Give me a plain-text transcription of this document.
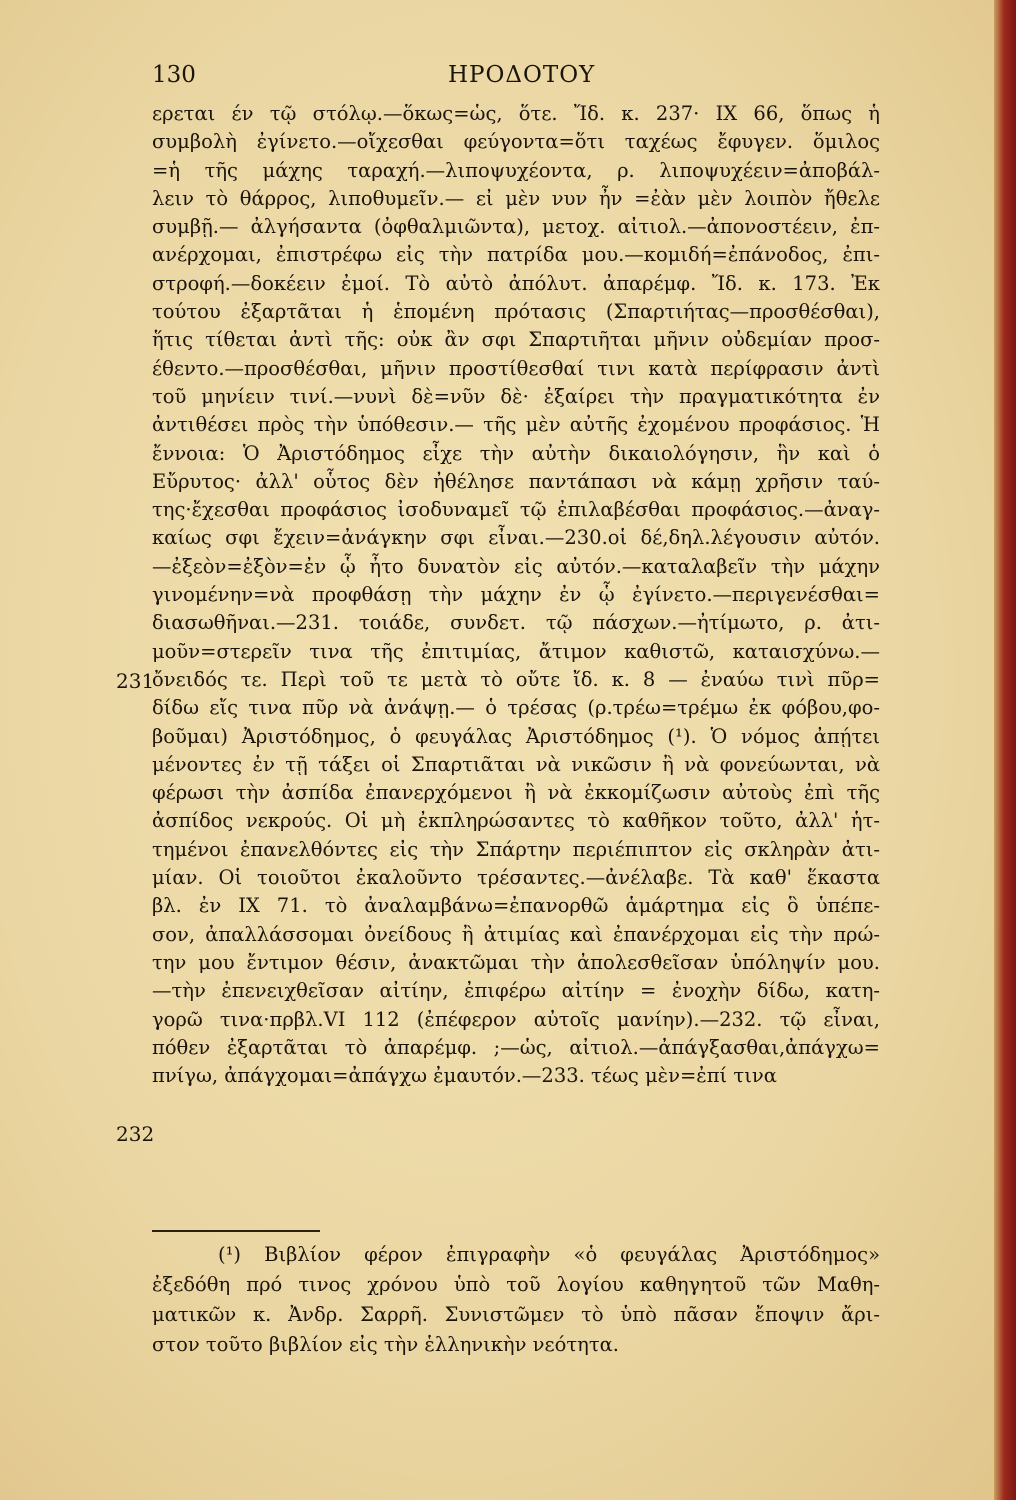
130	ΗΡΟΔΟΤΟΥ
ερεται έν τῷ στόλῳ.—ὅκως=ὡς, ὅτε. Ἴδ. κ. 237· IX 66, ὅπως ἡ
συμβολὴ ἐγίνετο.—οἴχεσθαι φεύγοντα=ὅτι ταχέως ἔφυγεν. ὅμιλος
=ἡ τῆς μάχης ταραχή.—λιποψυχέοντα, ρ. λιποψυχέειν=ἀποβάλ-
λειν τὸ θάρρος, λιποθυμεῖν.— εἰ μὲν νυν ἦν =ἐὰν μὲν λοιπὸν ἤθελε
συμβῇ.— ἀλγήσαντα (ὀφθαλμιῶντα), μετοχ. αἰτιολ.—ἀπονοστέειν, ἐπ-
ανέρχομαι, ἐπιστρέφω εἰς τὴν πατρίδα μου.—κομιδή=ἐπάνοδος, ἐπι-
στροφή.—δοκέειν ἐμοί. Τὸ αὐτὸ ἀπόλυτ. ἀπαρέμφ. Ἴδ. κ. 173. Ἐκ
τούτου ἐξαρτᾶται ἡ ἑπομένη πρότασις (Σπαρτιήτας—προσθέσθαι),
ἥτις τίθεται ἀντὶ τῆς: οὐκ ἂν σφι Σπαρτιῆται μῆνιν οὐδεμίαν προσ-
έθεντο.—προσθέσθαι, μῆνιν προστίθεσθαί τινι κατὰ περίφρασιν ἀντὶ
τοῦ μηνίειν τινί.—νυνὶ δὲ=νῦν δὲ· ἐξαίρει τὴν πραγματικότητα ἐν
ἀντιθέσει πρὸς τὴν ὑπόθεσιν.— τῆς μὲν αὐτῆς ἐχομένου προφάσιος. Ἡ
ἔννοια: Ὁ Ἀριστόδημος εἶχε τὴν αὐτὴν δικαιολόγησιν, ἣν καὶ ὁ
Εὔρυτος· ἀλλ' οὗτος δὲν ἠθέλησε παντάπασι νὰ κάμῃ χρῆσιν ταύ-
της·ἔχεσθαι προφάσιος ἰσοδυναμεῖ τῷ ἐπιλαβέσθαι προφάσιος.—ἀναγ-
καίως σφι ἔχειν=ἀνάγκην σφι εἶναι.—230.οἱ δέ,δηλ.λέγουσιν αὐτόν.
—ἐξεὸν=ἐξὸν=ἐν ᾧ ἦτο δυνατὸν εἰς αὐτόν.—καταλαβεῖν τὴν μάχην
γινομένην=νὰ προφθάσῃ τὴν μάχην ἐν ᾧ ἐγίνετο.—περιγενέσθαι=
διασωθῆναι.—231. τοιάδε, συνδετ. τῷ πάσχων.—ἠτίμωτο, ρ. ἀτι-
μοῦν=στερεῖν τινα τῆς ἐπιτιμίας, ἄτιμον καθιστῶ, καταισχύνω.—
ὄνειδός τε. Περὶ τοῦ τε μετὰ τὸ οὔτε ἴδ. κ. 8 — ἐναύω τινὶ πῦρ=
δίδω εἴς τινα πῦρ νὰ ἀνάψῃ.— ὁ τρέσας (ρ.τρέω=τρέμω ἐκ φόβου,φο-
βοῦμαι) Ἀριστόδημος, ὁ φευγάλας Ἀριστόδημος (¹). Ὁ νόμος ἀπῄτει
μένοντες ἐν τῇ τάξει οἱ Σπαρτιᾶται νὰ νικῶσιν ἢ νὰ φονεύωνται, νὰ
φέρωσι τὴν ἀσπίδα ἐπανερχόμενοι ἢ νὰ ἐκκομίζωσιν αὐτοὺς ἐπὶ τῆς
ἀσπίδος νεκρούς. Οἱ μὴ ἐκπληρώσαντες τὸ καθῆκον τοῦτο, ἀλλ' ἡτ-
τημένοι ἐπανελθόντες εἰς τὴν Σπάρτην περιέπιπτον εἰς σκληρὰν ἀτι-
μίαν. Οἱ τοιοῦτοι ἐκαλοῦντο τρέσαντες.—ἀνέλαβε. Τὰ καθ' ἕκαστα
βλ. ἐν IX 71. τὸ ἀναλαμβάνω=ἐπανορθῶ ἁμάρτημα εἰς ὃ ὑπέπε-
σον, ἀπαλλάσσομαι ὀνείδους ἢ ἀτιμίας καὶ ἐπανέρχομαι εἰς τὴν πρώ-
την μου ἔντιμον θέσιν, ἀνακτῶμαι τὴν ἀπολεσθεῖσαν ὑπόληψίν μου.
—τὴν ἐπενειχθεῖσαν αἰτίην, ἐπιφέρω αἰτίην = ἐνοχὴν δίδω, κατη-
γορῶ τινα·πρβλ.VI 112 (ἐπέφερον αὐτοῖς μανίην).—232. τῷ εἶναι,
πόθεν ἐξαρτᾶται τὸ ἀπαρέμφ. ;—ὡς, αἰτιολ.—ἀπάγξασθαι,ἀπάγχω=
πνίγω, ἀπάγχομαι=ἀπάγχω ἐμαυτόν.—233. τέως μὲν=ἐπί τινα
231
232
(¹) Βιβλίον φέρον ἐπιγραφὴν «ὁ φευγάλας Ἀριστόδημος»
ἐξεδόθη πρό τινος χρόνου ὑπὸ τοῦ λογίου καθηγητοῦ τῶν Μαθη-
ματικῶν κ. Ἀνδρ. Σαρρῆ. Συνιστῶμεν τὸ ὑπὸ πᾶσαν ἔποψιν ἄρι-
στον τοῦτο βιβλίον εἰς τὴν ἑλληνικὴν νεότητα.
